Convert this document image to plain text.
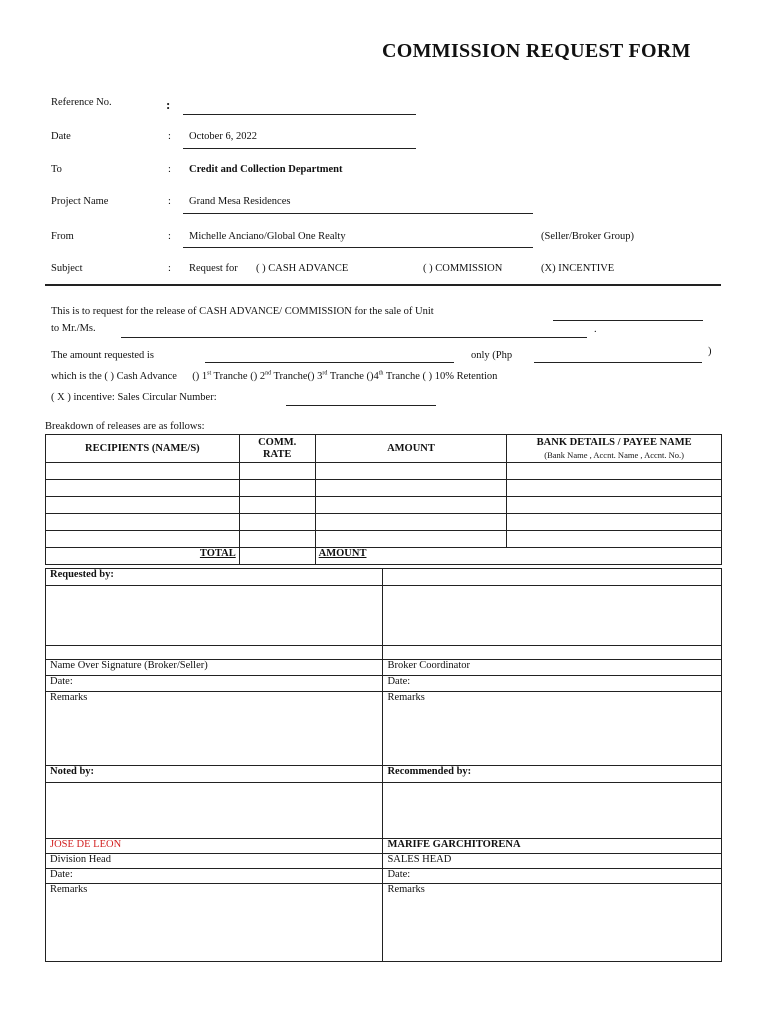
COMMISSION REQUEST FORM
Reference No.	:
Date	: October 6, 2022
To	: Credit and Collection Department
Project Name	: Grand Mesa Residences
From	: Michelle Anciano/Global One Realty	(Seller/Broker Group)
Subject	: Request for ( ) CASH ADVANCE	( ) COMMISSION	(X) INCENTIVE
This is to request for the release of CASH ADVANCE/ COMMISSION for the sale of Unit
to Mr./Ms.	.
The amount requested is	only (Php	)
which is the ( ) Cash Advance () 1st Tranche () 2nd Tranche() 3rd Tranche ()4th Tranche ( ) 10% Retention
( X ) incentive: Sales Circular Number:
Breakdown of releases are as follows:
RECIPIENTS (NAME/S)	COMM. RATE	AMOUNT	BANK DETAILS / PAYEE NAME
(Bank Name , Accnt. Name , Accnt. No.)

TOTAL		AMOUNT	
Requested by:	

Name Over Signature (Broker/Seller)	Broker Coordinator
Date:	Date:
Remarks	Remarks
Noted by:	Recommended by:

JOSE DE LEON	MARIFE GARCHITORENA
Division Head	SALES HEAD
Date:	Date:
Remarks	Remarks
